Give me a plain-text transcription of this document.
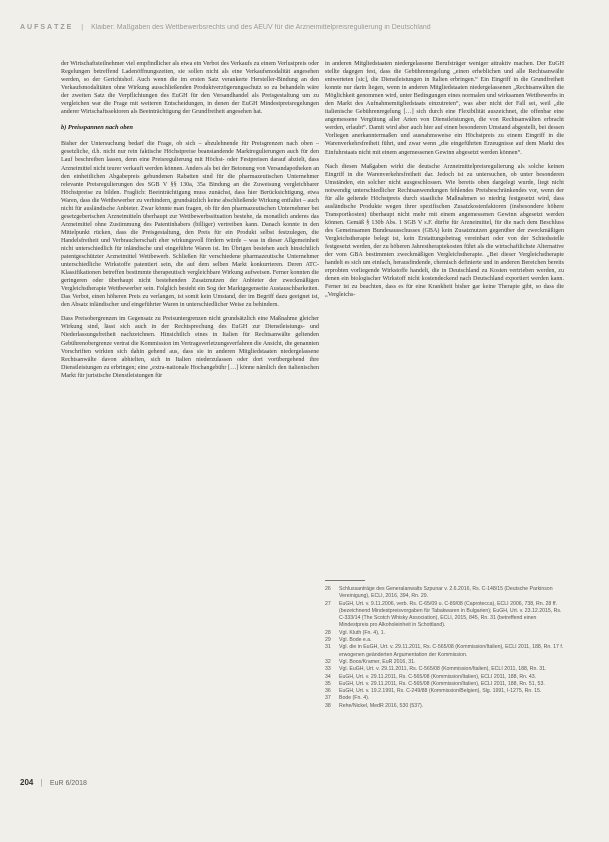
AUFSÄTZE | Klaiber: Maßgaben des Wettbewerbsrechts und des AEUV für die Arzneimittelpreisregulierung in Deutschland

der Wirtschaftsteilnehmer viel empfindlicher als etwa ein Verbot des Verkaufs zu einem Verlustpreis oder Regelungen betreffend Ladenöffnungszeiten, sie sollen nicht als eine Verkaufsmodalität angesehen werden, so der Gerichtshof. Auch wenn die im ersten Satz verankerte Hersteller-Bindung an den Verkaufsmodalitäten ohne Wirkung ausschließenden Produktverzögerungsschutz so zu behandeln wäre der zweiten Satz die Verpflichtungen des EuGH für den Versandhandel als Preisgestaltung um zu vergleichen war die Frage mit weiteren Entscheidungen, in denen der EuGH Mindestpreisregelungen anderer Wirtschaftssektoren als Beeinträchtigung der Grundfreiheit angesehen hat.

b) Preisspannen nach oben

Bisher der Untersuchung bedarf die Frage, ob sich – abzulehnende für Preisgrenzen nach oben – gesetzliche, d.h. nicht nur rein faktische Höchstpreise beanstandende Marktregulierungen auch für den Lauf beschreiben lassen, denn eine Preisregulierung mit Höchst- oder Festpreisen darauf abzielt, dass Arzneimittel nicht teurer verkauft werden können. Anders als bei der Betonung von Versandapotheken an den einheitlichen Abgabepreis gebundenen Rabatten sind für die pharmazeutischen Unternehmer relevante Preisregulierungen des SGB V §§ 130a, 35a Bindung an die Zuweisung vergleichbarer Höchstpreise zu bilden. Fraglich: Beeinträchtigung muss zunächst, dass hier Berücksichtigung, etwa Waren, dass die Wettbewerber zu verhindern, grundsätzlich keine abschließende Wirkung entfaltet – auch nicht für ausländische Anbieter. Zwar könnte man fragen, ob für den pharmazeutischen Unternehmer bei gesetzgeberischen Arzneimitteln überhaupt zur Wettbewerbssituation bestehe, da monatlich anderes das Arzneimittel ohne Zustimmung des Patentinhabers (billiger) vertreiben kann. Danach konnte in den Mittelpunkt rücken, dass die Preisgestaltung, den Preis für ein Produkt selbst festzulegen, die Handelsfreiheit und Verbraucherschaft eher wirkungsvoll fördern würde – was in dieser Allgemeinheit nicht unterschiedlich für inländische und eingeführte Waren ist. Im Übrigen bestehen auch hinsichtlich patentgeschützter Arzneimittel Wettbewerb. Schließen für verschiedene pharmazeutische Unternehmer unterschiedliche Wirkstoffe patentiert sein, die auf dem selben Markt konkurrieren. Deren ATC-Klassifikationen betreffen bestimmte therapeutisch vergleichbare Wirkung aufweisen. Ferner konnten die geringeren oder überhaupt nicht bestehenden Zusatznutzen der Anbieter der zweckmäßigen Vergleichstherapie Wettbewerber sein. Folglich besteht ein Sog der Marktgegenseite Austauschbarkeiten. Das Verbot, einen höheren Preis zu verlangen, ist somit kein Umstand, der im Begriff dazu geeignet ist, den Absatz inländischer und eingeführter Waren in unterschiedlicher Weise zu behindern.

Dass Preisobergrenzen im Gegensatz zu Preisuntergrenzen nicht grundsätzlich eine Maßnahme gleicher Wirkung sind, lässt sich auch in der Rechtsprechung des EuGH zur Dienstleistungs- und Niederlassungsfreiheit nachzeichnen. Hinsichtlich eines in Italien für Rechtsanwälte geltenden Gebührenobergrenze vertrat die Kommission im Vertragsverletzungsverfahren die Ansicht, die genannten Vorschriften wirkten sich dahin gehend aus, dass sie in anderen Mitgliedstaaten niedergelassene Rechtsanwälte davon abhielten, sich in Italien niederzulassen oder dort vorübergehend ihre Dienstleistungen zu erbringen; eine „extra-nationale Hochangebühr […] könne nämlich den italienischen Markt für juristische Dienstleistungen für

in anderen Mitgliedstaaten niedergelassene Berufsträger weniger attraktiv machen. Der EuGH stellte dagegen fest, dass die Gebührenregelung „einen erheblichen und alle Rechtsanwälte entwerteten [sic], die Dienstleistungen in Italien erbringen.“ Ein Eingriff in die Grundfreiheit konnte nur darin liegen, wenn in anderen Mitgliedstaaten niedergelassenen „Rechtsanwälten die Möglichkeit genommen wird, unter Bedingungen eines normalen und wirksamen Wettbewerbs in den Markt des Aufnahmemitgliedstaats einzutreten“, was aber nicht der Fall sei, weil „die italienische Gebührenregelung […] sich durch eine Flexibilität auszeichnet, die offenbar eine angemessene Vergütung aller Arten von Dienstleistungen, die von Rechtsanwälten erbracht werden, erlaubt“. Damit wird aber auch hier auf einen besonderen Umstand abgestellt, bei dessen Vorliegen anerkanntermaßen und ausnahmsweise ein Höchstpreis zu einem Eingriff in die Warenverkehrsfreiheit führt, und zwar wenn „die eingeführten Erzeugnisse auf dem Markt des Einfuhrstaats nicht mit einem angemessenen Gewinn abgesetzt werden können“.

Nach diesen Maßgaben wirkt die deutsche Arzneimittelpreisregulierung als solche keinen Eingriff in die Warenverkehrsfreiheit dar. Jedoch ist zu untersuchen, ob unter besonderen Umständen, ein solcher nicht ausgeschlossen. Wie bereits oben dargelegt wurde, liegt nicht notwendig unterschiedlicher Rechtsanwendungen fehlendes Preisbeschränkendes vor, wenn der für alle geltende Höchstpreis durch staatliche Maßnahmen so niedrig festgesetzt wird, dass ausländische Produkte wegen ihrer spezifischen Zusatzkostenfaktoren (insbesondere höhere Transportkosten) überhaupt nicht mehr mit einem angemessenen Gewinn abgesetzt werden können. Gemäß § 130b Abs. 1 SGB V s.F. dürfte für Arzneimittel, für die nach dem Beschluss des Gemeinsamen Bundesausschusses (GBA) kein Zusatznutzen gegenüber der zweckmäßigen Vergleichstherapie belegt ist, kein Erstattungsbetrag vereinbart oder von der Schiedsstelle festgesetzt werden, der zu höheren Jahrestherapiekosten führt als die wirtschaftlichste Alternative der vom GBA bestimmten zweckmäßigen Vergleichstherapie. „Bei dieser Vergleichstherapie handelt es sich um einfach, herausfindende, chemisch definierte und in anderen Bereichen bereits erprobten vorliegende Wirkstoffe handelt, die in Deutschland zu Kosten vertrieben werden, zu denen ein biologischer Wirkstoff nicht kostendeckend nach Deutschland exportiert werden kann. Ferner ist zu beachten, dass es für eine Krankheit bisher gar keine Therapie gibt, so dass die „Vergleichs-

26	Schlussanträge des Generalanwalts Szpunar v. 2.6.2016, Rs. C-148/15 (Deutsche Parkinson Vereinigung), ECLI, 2016, 394, Rn. 29.
27	EuGH, Urt. v. 9.11.2006, verb. Rs. C-65/09 u. C-89/08 (Caprotecca), ECLI 2006, 738, Rn. 28 ff. (bezeichnend Mindestpreisvorgaben für Tabakwaren in Bulgarien); EuGH, Urt. v. 23.12.2015, Rs. C-333/14 (The Scotch Whisky Association), ECLI, 2015, 845, Rn. 31 (betreffend einen Mindestpreis pro Alkoholeinheit in Schottland).
28	Vgl. Kluth (Fn. 4), 1.
29	Vgl. Bode e.a.
31	Vgl. die in EuGH, Urt. v. 29.11.2011, Rs. C-565/08 (Kommission/Italien), ECLI 2011, 188, Rn. 17 f. erwogenen geänderten Argumentation der Kommission.
32	Vgl. Boos/Kramer, EuR 2016, 31.
33	Vgl. EuGH, Urt. v. 29.11.2011, Rs. C-565/08 (Kommission/Italien), ECLI 2011, 188, Rn. 31.
34	EuGH, Urt. v. 29.11.2011, Rs. C-565/08 (Kommission/Italien), ECLI 2011, 188, Rn. 43.
35	EuGH, Urt. v. 29.11.2011, Rs. C-565/08 (Kommission/Italien), ECLI 2011, 188, Rn. 51, 53.
36	EuGH, Urt. v. 19.2.1991, Rs. C-249/88 (Kommission/Belgien), Slg. 1991, I-1275, Rn. 15.
37	Bode (Fn. 4).
38	Rehe/Nickel, MedR 2016, 530 (537).
204 | EuR 6/2018
